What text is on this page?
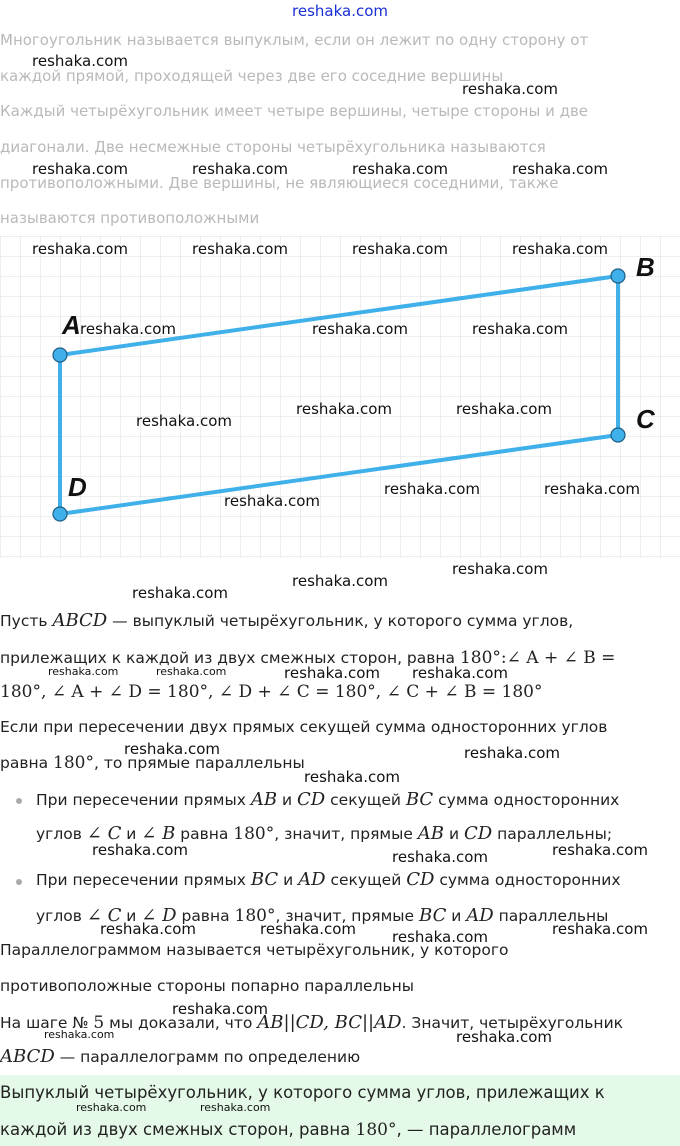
reshaka.com
Многоугольник называется выпуклым, если он лежит по одну сторону от
каждой прямой, проходящей через две его соседние вершины
Каждый четырёхугольник имеет четыре вершины, четыре стороны и две
диагонали. Две несмежные стороны четырёхугольника называются
противоположными. Две вершины, не являющиеся соседними, также
называются противоположными
A
B
C
D
Пусть ABCD — выпуклый четырёхугольник, у которого сумма углов,
прилежащих к каждой из двух смежных сторон, равна 180°:∠ A + ∠ B =
180°, ∠ A + ∠ D = 180°, ∠ D + ∠ C = 180°, ∠ C + ∠ B = 180°
Если при пересечении двух прямых секущей сумма односторонних углов
равна 180°, то прямые параллельны
При пересечении прямых AB и CD секущей BC сумма односторонних
углов ∠ C и ∠ B равна 180°, значит, прямые AB и CD параллельны;
При пересечении прямых BC и AD секущей CD сумма односторонних
углов ∠ C и ∠ D равна 180°, значит, прямые BC и AD параллельны
Параллелограммом называется четырёхугольник, у которого
противоположные стороны попарно параллельны
На шаге № 5 мы доказали, что AB||CD, BC||AD. Значит, четырёхугольник
ABCD — параллелограмм по определению
Выпуклый четырёхугольник, у которого сумма углов, прилежащих к
каждой из двух смежных сторон, равна 180°, — параллелограмм
reshaka.com
reshaka.com
reshaka.com	reshaka.com	reshaka.com	reshaka.com
reshaka.com	reshaka.com	reshaka.com	reshaka.com
reshaka.com	reshaka.com	reshaka.com
reshaka.com	reshaka.com
reshaka.com
reshaka.com	reshaka.com
reshaka.com
reshaka.com
reshaka.com
reshaka.com
reshaka.com	reshaka.com	reshaka.com reshaka.com
reshaka.com	reshaka.com
reshaka.com
reshaka.com	reshaka.com
reshaka.com
reshaka.com	reshaka.com	reshaka.com
reshaka.com
reshaka.com
reshaka.com	reshaka.com
reshaka.com	reshaka.com
